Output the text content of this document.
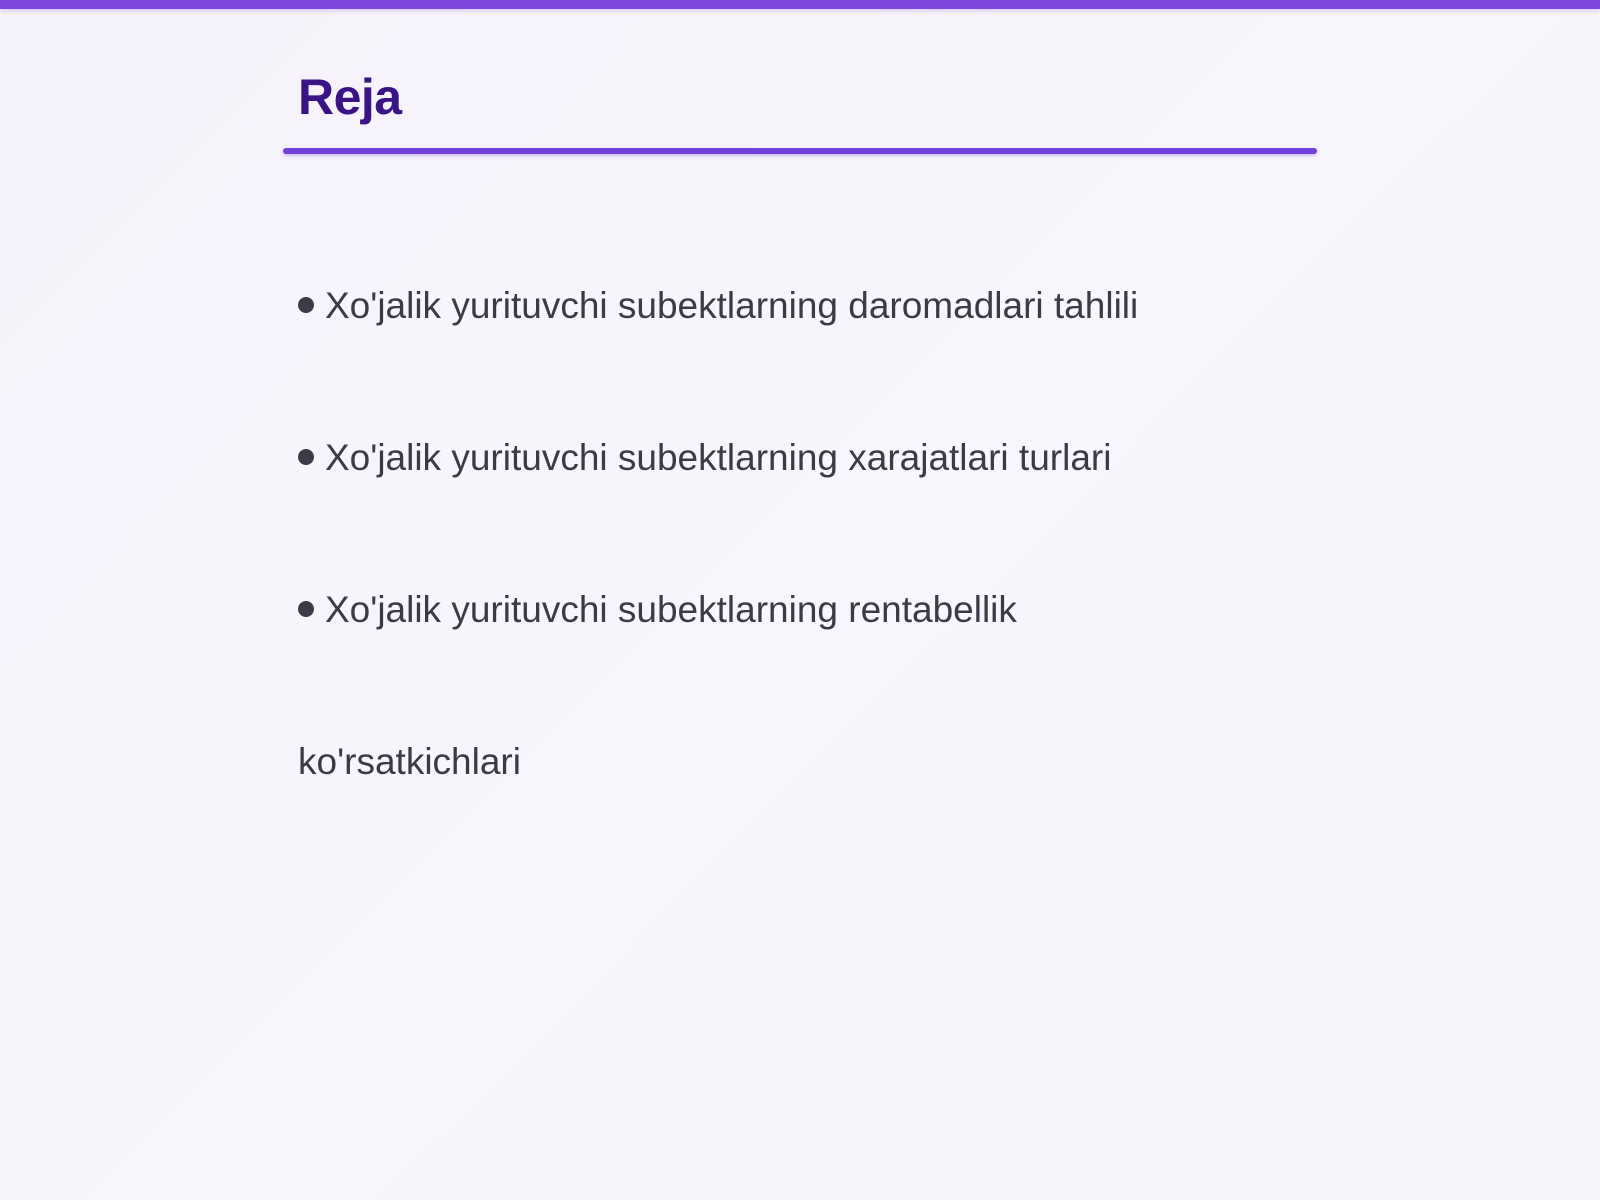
Reja
Xo'jalik yurituvchi subektlarning daromadlari tahlili
Xo'jalik yurituvchi subektlarning xarajatlari turlari
Xo'jalik yurituvchi subektlarning rentabellik
ko'rsatkichlari
